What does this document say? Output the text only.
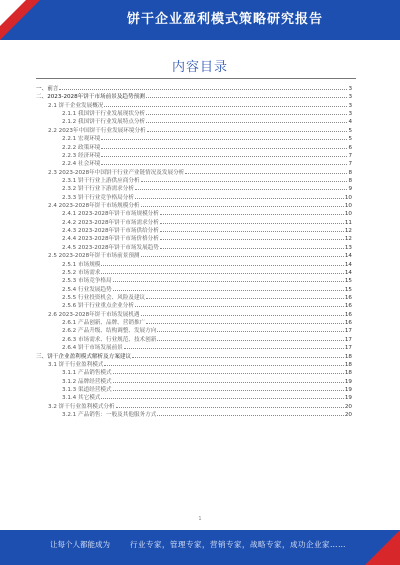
饼干企业盈利模式策略研究报告
内容目录
一、前言	3
二、2023-2028年饼干市场前景及趋势预测	3
2.1 饼干企业发展概况	3
2.1.1 我国饼干行业发展现状分析	3
2.1.2 我国饼干行业发展特点分析	4
2.2 2023年中国饼干行业发展环境分析	5
2.2.1 宏观环境	5
2.2.2 政策环境	6
2.2.3 经济环境	7
2.2.4 社会环境	7
2.3 2023-2028年中国饼干行业产业链情况及发展分析	8
2.3.1 饼干行业上游供应商分析	8
2.3.2 饼干行业下游需求分析	9
2.3.3 饼干行业竞争格局分析	10
2.4 2023-2028年饼干市场规模分析	10
2.4.1 2023-2028年饼干市场规模分析	10
2.4.2 2023-2028年饼干市场需求分析	11
2.4.3 2023-2028年饼干市场供给分析	12
2.4.4 2023-2028年饼干市场价格分析	12
2.4.5 2023-2028年饼干市场发展趋势	13
2.5 2023-2028年饼干市场前景预测	14
2.5.1 市场规模	14
2.5.2 市场需求	14
2.5.3 市场竞争格局	15
2.5.4 行业发展趋势	15
2.5.5 行业投资机会、风险及建议	16
2.5.6 饼干行业重点企业分析	16
2.6 2023-2028年饼干市场发展机遇	16
2.6.1 产品创新、品牌、营销推广	16
2.6.2 产品升级、结构调整、发展方向	17
2.6.3 市场需求、行业规范、技术创新	17
2.6.4 饼干市场发展前景	17
三、饼干企业盈利模式解析及方案建议	18
3.1 饼干行业盈利模式	18
3.1.1 产品销售模式	18
3.1.2 品牌经营模式	19
3.1.3 渠道经营模式	19
3.1.4 其它模式	19
3.2 饼干行业盈利模式分析	20
3.2.1 产品销售：一般及其他服务方式	20
1
让每个人都能成为	行业专家，管理专家，营销专家，战略专家，成功企业家……
